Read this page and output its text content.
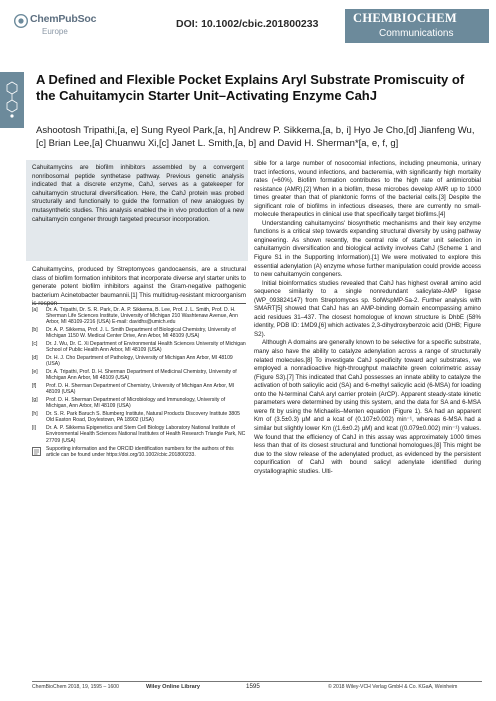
ChemPubSoc
Europe
DOI: 10.1002/cbic.201800233	CHEMBIOCHEM
Communications
A Defined and Flexible Pocket Explains Aryl Substrate Promiscuity of the Cahuitamycin Starter Unit–Activating Enzyme CahJ
Ashootosh Tripathi,[a, e] Sung Ryeol Park,[a, h] Andrew P. Sikkema,[a, b, i] Hyo Je Cho,[d] Jianfeng Wu,[c] Brian Lee,[a] Chuanwu Xi,[c] Janet L. Smith,[a, b] and David H. Sherman*[a, e, f, g]

Cahuitamycins are biofilm inhibitors assembled by a convergent nonribosomal peptide synthetase pathway. Previous genetic analysis indicated that a discrete enzyme, CahJ, serves as a gatekeeper for cahuitamycin structural diversification. Here, the CahJ protein was probed structurally and functionally to guide the formation of new analogues by mutasynthetic studies. This analysis enabled the in vivo production of a new cahuitamycin congener through targeted precursor incorporation.

Cahuitamycins, produced by Streptomyces gandocaensis, are a structural class of biofilm formation inhibitors that incorporate diverse aryl starter units to generate potent biofilm inhibitors against the Gram-negative pathogenic bacterium Acinetobacter baumannii.[1] This multidrug-resistant microorganism is respon-

[a] Dr. A. Tripathi, Dr. S. R. Park, Dr. A. P. Sikkema, B. Lee, Prof. J. L. Smith, Prof. D. H. Sherman Life Sciences Institute, University of Michigan 210 Washtenaw Avenue, Ann Arbor, MI 48109-2216 (USA) E-mail: davidhs@umich.edu
[b] Dr. A. P. Sikkema, Prof. J. L. Smith Department of Biological Chemistry, University of Michigan 1150 W. Medical Center Drive, Ann Arbor, MI 48109 (USA)
[c] Dr. J. Wu, Dr. C. Xi Department of Environmental Health Sciences University of Michigan School of Public Health Ann Arbor, MI 48109 (USA)
[d] Dr. H. J. Cho Department of Pathology, University of Michigan Ann Arbor, MI 48109 (USA)
[e] Dr. A. Tripathi, Prof. D. H. Sherman Department of Medicinal Chemistry, University of Michigan Ann Arbor, MI 48109 (USA)
[f] Prof. D. H. Sherman Department of Chemistry, University of Michigan Ann Arbor, MI 48109 (USA)
[g] Prof. D. H. Sherman Department of Microbiology and Immunology, University of Michigan, Ann Arbor, MI 48109 (USA)
[h] Dr. S. R. Park Baruch S. Blumberg Institute, Natural Products Discovery Institute 3805 Old Easton Road, Doylestown, PA 18902 (USA)
[i] Dr. A. P. Sikkema Epigenetics and Stem Cell Biology Laboratory National Institute of Environmental Health Sciences National Institutes of Health Research Triangle Park, NC 27709 (USA)
Supporting information and the ORCID identification numbers for the authors of this article can be found under https://doi.org/10.1002/cbic.201800233.

sible for a large number of nosocomial infections, including pneumonia, urinary tract infections, wound infections, and bacteremia, with significantly high mortality rates (≈60%). Biofilm formation contributes to the high rate of antimicrobial resistance (AMR).[2] When in a biofilm, these microbes develop AMR up to 1000 times greater than that of planktonic forms of the bacterial cells.[3] Despite the significant role of biofilms in infectious diseases, there are currently no small-molecule therapeutics in clinical use that specifically target biofilms.[4]

Understanding cahuitamycins' biosynthetic mechanisms and their key enzyme functions is a critical step towards expanding structural diversity by using pathway engineering. As shown recently, the central role of starter unit selection in cahuitamycin diversification and biological activity involves CahJ (Scheme 1 and Figure S1 in the Supporting Information).[1] We were motivated to explore this essential adenylation (A) enzyme whose further manipulation could provide access to new cahuitamycin congeners.

Initial bioinformatics studies revealed that CahJ has highest overall amino acid sequence similarity to a single nonredundant salicylate-AMP ligase (WP_093824147) from Streptomyces sp. SolWspMP-5a-2. Further analysis with SMART[5] showed that CahJ has an AMP-binding domain encompassing amino acid residues 31–437. The closest homologue of known structure is DhbE (58% identity, PDB ID: 1MD9,[6] which activates 2,3-dihydroxybenzoic acid (DHB; Figure S2).

Although A domains are generally known to be selective for a specific substrate, many also have the ability to catalyze adenylation across a range of structurally related molecules.[8] To investigate CahJ specificity toward acyl substrates, we employed a nonradioactive high-throughput malachite green colorimetric assay (Figure S3).[7] This indicated that CahJ possesses an innate ability to catalyze the activation of both salicylic acid (SA) and 6-methyl salicylic acid (6-MSA) for loading onto the N-terminal CahA aryl carrier protein (ArCP). Apparent steady-state kinetic parameters were determined by using this system, and the data for SA and 6-MSA were fit by using the Michaelis–Menten equation (Figure 1). SA had an apparent Km of (3.5±0.3) µM and a kcat of (0.107±0.002) min⁻¹, whereas 6-MSA had a similar but slightly lower Km ((1.6±0.2) µM) and kcat ((0.079±0.002) min⁻¹) values. We found that the efficiency of CahJ in this assay was approximately 1000 times less than that of its closest structural and functional homologues.[8] This might be due to the slow release of the adenylated product, as evidenced by the persistent copurification of CahJ with bound salicyl adenylate identified during crystallographic studies. Ulti-

ChemBioChem 2018, 19, 1595 – 1600	Wiley Online Library	1595	© 2018 Wiley-VCH Verlag GmbH & Co. KGaA, Weinheim
